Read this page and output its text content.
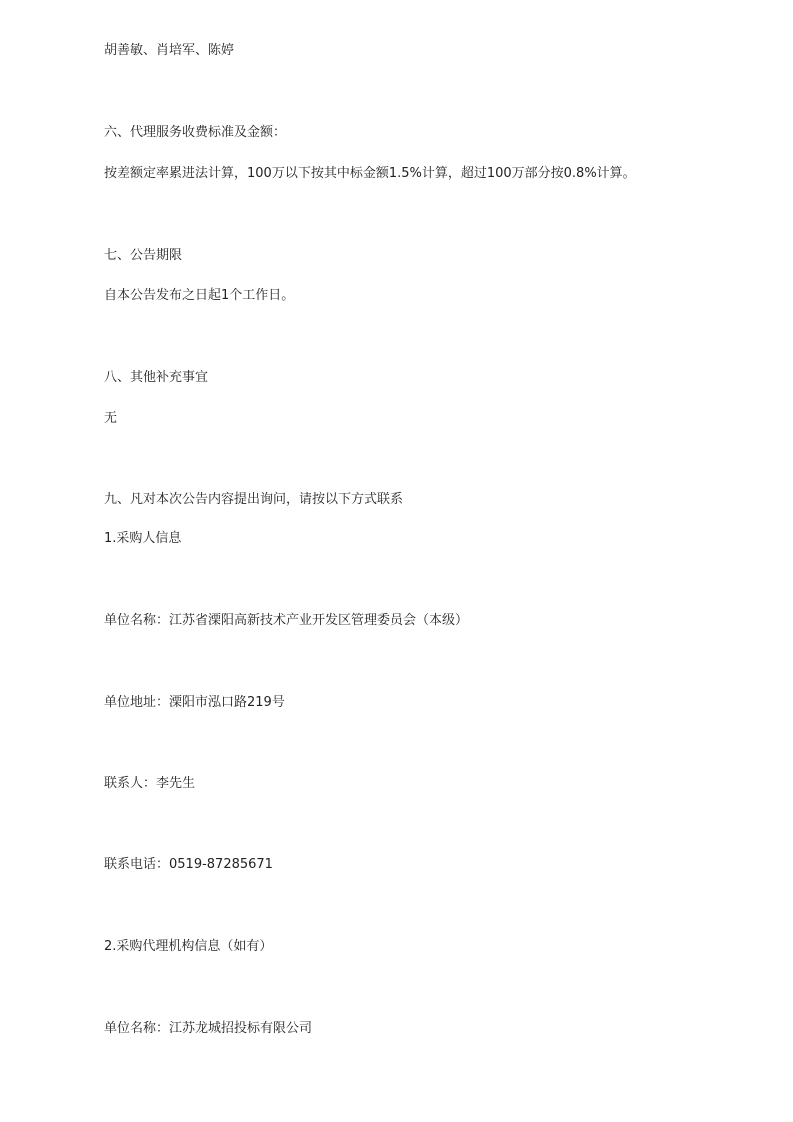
胡善敏、肖培军、陈婷
六、代理服务收费标准及金额：
按差额定率累进法计算，100万以下按其中标金额1.5%计算，超过100万部分按0.8%计算。
七、公告期限
自本公告发布之日起1个工作日。
八、其他补充事宜
无
九、凡对本次公告内容提出询问，请按以下方式联系
1.采购人信息
单位名称：江苏省溧阳高新技术产业开发区管理委员会（本级）
单位地址：溧阳市泓口路219号
联系人：李先生
联系电话：0519-87285671
2.采购代理机构信息（如有）
单位名称：江苏龙城招投标有限公司
